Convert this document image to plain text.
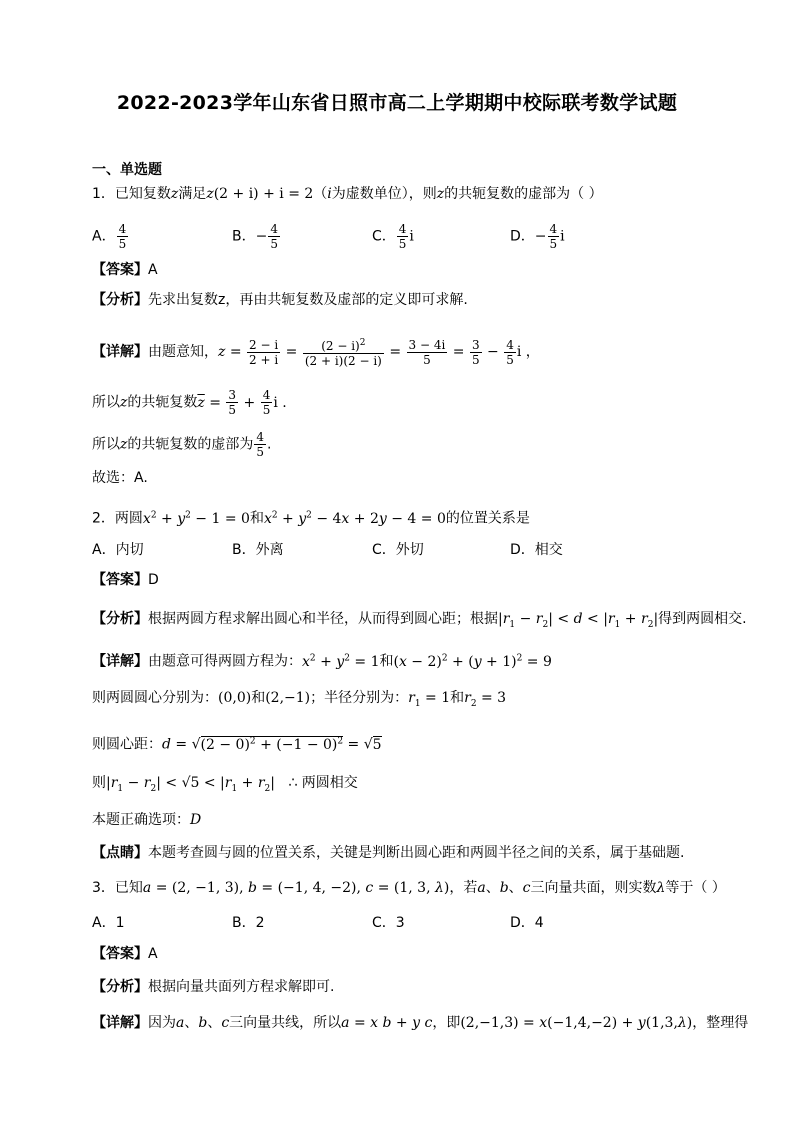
2022-2023学年山东省日照市高二上学期期中校际联考数学试题
一、单选题
1．已知复数z满足z(2 + i) + i = 2（i为虚数单位），则z的共轭复数的虚部为（ ）
A． $\frac{4}{5}$	B．− $\frac{4}{5}$	C． $\frac{4}{5}$ i	D．− $\frac{4}{5}$ i
【答案】A
【分析】先求出复数z，再由共轭复数及虚部的定义即可求解.
【详解】由题意知，$z = \frac{2 - i}{2 + i} = \frac{(2 - i)^2}{(2 + i)(2 - i)} = \frac{3 - 4i}{5} = \frac{3}{5} - \frac{4}{5}$ i ，
所以z的共轭复数$\overline{z} = \frac{3}{5} + \frac{4}{5}$ i .
所以z的共轭复数的虚部为 $\frac{4}{5}$ .
故选：A.
2．两圆$x^2 + y^2 - 1 = 0$和$x^2 + y^2 - 4x + 2y - 4 = 0$的位置关系是
A．内切	B．外离	C．外切	D．相交
【答案】D
【分析】根据两圆方程求解出圆心和半径，从而得到圆心距；根据$|r_1 - r_2| < d < |r_1 + r_2|$得到两圆相交.
【详解】由题意可得两圆方程为：$x^2 + y^2 = 1$和$(x - 2)^2 + (y + 1)^2 = 9$
则两圆圆心分别为：(0,0)和(2,−1)；半径分别为：$r_1 = 1$和$r_2 = 3$
则圆心距：$d = √(2 - 0)^2 + (-1 - 0)^2 = √5$
则$|r_1 - r_2| < √5 < |r_1 + r_2|$ ∴ 两圆相交
本题正确选项：D
【点睛】本题考查圆与圆的位置关系，关键是判断出圆心距和两圆半径之间的关系，属于基础题.
3．已知a = (2, −1, 3), b = (−1, 4, −2), c = (1, 3, λ)，若a、b、c三向量共面，则实数λ等于（ ）
A．1	B．2	C．3	D．4
【答案】A
【分析】根据向量共面列方程求解即可.
【详解】因为a、b、c三向量共线，所以a = x b + y c，即(2,−1,3) = x(−1,4,−2) + y(1,3,λ)，整理得
